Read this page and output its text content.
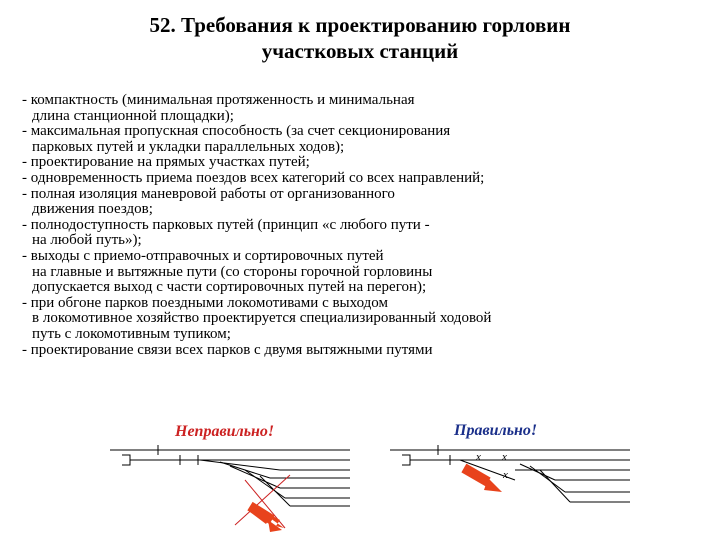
52. Требования к проектированию горловин
участковых станций
- компактность (минимальная протяженность и минимальная
длина станционной площадки);
- максимальная пропускная способность (за счет секционирования
парковых путей и укладки параллельных ходов);
- проектирование на прямых участках путей;
- одновременность приема поездов всех категорий со всех направлений;
- полная изоляция маневровой работы от организованного
движения поездов;
- полнодоступность парковых путей (принцип «с любого пути -
на любой путь»);
- выходы с приемо-отправочных и сортировочных путей
на главные и вытяжные пути (со стороны горочной горловины
допускается выход с части сортировочных путей на перегон);
- при обгоне парков поездными локомотивами с выходом
в локомотивное хозяйство проектируется специализированный ходовой
путь с локомотивным тупиком;
- проектирование связи всех парков с двумя вытяжными путями
Неправильно!	Правильно!
x x
x
